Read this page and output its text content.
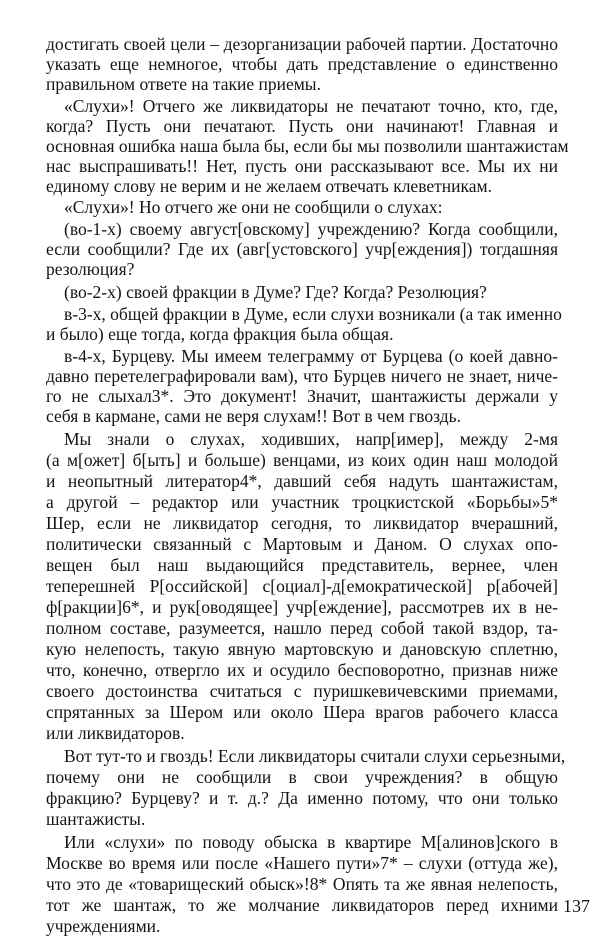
достигать своей цели – дезорганизации рабочей партии. Достаточно
указать еще немногое, чтобы дать представление о единственно
правильном ответе на такие приемы.
«Слухи»! Отчего же ликвидаторы не печатают точно, кто, где,
когда? Пусть они печатают. Пусть они начинают! Главная и
основная ошибка наша была бы, если бы мы позволили шантажистам
нас выспрашивать!! Нет, пусть они рассказывают все. Мы их ни
единому слову не верим и не желаем отвечать клеветникам.
«Слухи»! Но отчего же они не сообщили о слухах:
(во-1-х) своему август[овскому] учреждению? Когда сообщили,
если сообщили? Где их (авг[устовского] учр[еждения]) тогдашняя
резолюция?
(во-2-х) своей фракции в Думе? Где? Когда? Резолюция?
в-3-х, общей фракции в Думе, если слухи возникали (а так именно
и было) еще тогда, когда фракция была общая.
в-4-х, Бурцеву. Мы имеем телеграмму от Бурцева (о коей давно-
давно перетелеграфировали вам), что Бурцев ничего не знает, ниче-
го не слыхал3*. Это документ! Значит, шантажисты держали у
себя в кармане, сами не веря слухам!! Вот в чем гвоздь.
Мы знали о слухах, ходивших, напр[имер], между 2-мя
(а м[ожет] б[ыть] и больше) венцами, из коих один наш молодой
и неопытный литератор4*, давший себя надуть шантажистам,
а другой – редактор или участник троцкистской «Борьбы»5*
Шер, если не ликвидатор сегодня, то ликвидатор вчерашний,
политически связанный с Мартовым и Даном. О слухах опо-
вещен был наш выдающийся представитель, вернее, член
теперешней Р[оссийской] с[оциал]-д[емократической] р[абочей]
ф[ракции]6*, и рук[оводящее] учр[еждение], рассмотрев их в не-
полном составе, разумеется, нашло перед собой такой вздор, та-
кую нелепость, такую явную мартовскую и дановскую сплетню,
что, конечно, отвергло их и осудило бесповоротно, признав ниже
своего достоинства считаться с пуришкевичевскими приемами,
спрятанных за Шером или около Шера врагов рабочего класса
или ликвидаторов.
Вот тут-то и гвоздь! Если ликвидаторы считали слухи серьезными,
почему они не сообщили в свои учреждения? в общую
фракцию? Бурцеву? и т. д.? Да именно потому, что они только
шантажисты.
Или «слухи» по поводу обыска в квартире М[алинов]ского в
Москве во время или после «Нашего пути»7* – слухи (оттуда же),
что это де «товарищеский обыск»!8* Опять та же явная нелепость,
тот же шантаж, то же молчание ликвидаторов перед ихними
учреждениями.
137
